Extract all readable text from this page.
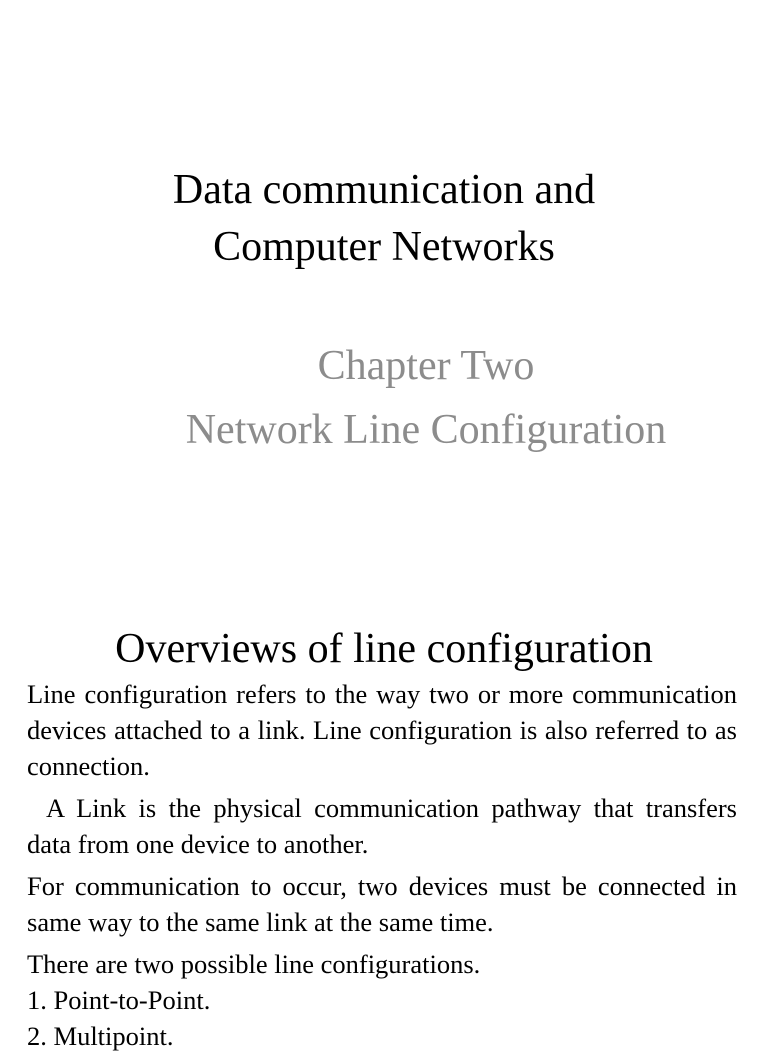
Data communication and
Computer Networks
Chapter Two
Network Line Configuration
Overviews of line configuration

Line configuration refers to the way two or more communication devices attached to a link. Line configuration is also referred to as connection.

A Link is the physical communication pathway that transfers data from one device to another.

For communication to occur, two devices must be connected in same way to the same link at the same time.

There are two possible line configurations.

1. Point-to-Point.

2. Multipoint.
